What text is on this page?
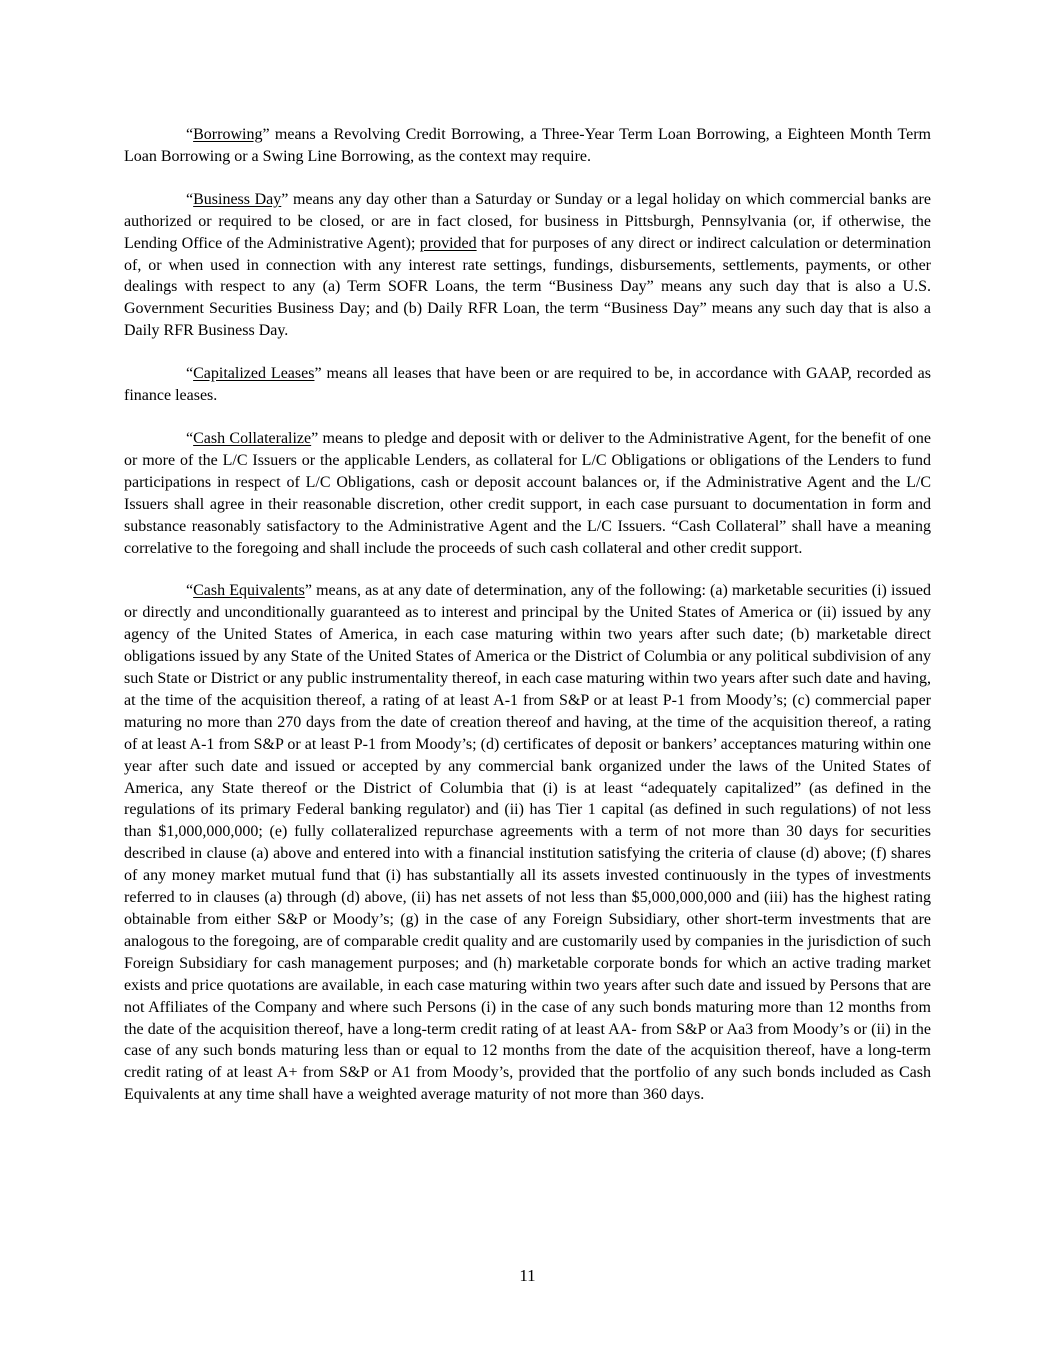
“Borrowing” means a Revolving Credit Borrowing, a Three-Year Term Loan Borrowing, a Eighteen Month Term Loan Borrowing or a Swing Line Borrowing, as the context may require.

“Business Day” means any day other than a Saturday or Sunday or a legal holiday on which commercial banks are authorized or required to be closed, or are in fact closed, for business in Pittsburgh, Pennsylvania (or, if otherwise, the Lending Office of the Administrative Agent); provided that for purposes of any direct or indirect calculation or determination of, or when used in connection with any interest rate settings, fundings, disbursements, settlements, payments, or other dealings with respect to any (a) Term SOFR Loans, the term “Business Day” means any such day that is also a U.S. Government Securities Business Day; and (b) Daily RFR Loan, the term “Business Day” means any such day that is also a Daily RFR Business Day.

“Capitalized Leases” means all leases that have been or are required to be, in accordance with GAAP, recorded as finance leases.

“Cash Collateralize” means to pledge and deposit with or deliver to the Administrative Agent, for the benefit of one or more of the L/C Issuers or the applicable Lenders, as collateral for L/C Obligations or obligations of the Lenders to fund participations in respect of L/C Obligations, cash or deposit account balances or, if the Administrative Agent and the L/C Issuers shall agree in their reasonable discretion, other credit support, in each case pursuant to documentation in form and substance reasonably satisfactory to the Administrative Agent and the L/C Issuers. “Cash Collateral” shall have a meaning correlative to the foregoing and shall include the proceeds of such cash collateral and other credit support.

“Cash Equivalents” means, as at any date of determination, any of the following: (a) marketable securities (i) issued or directly and unconditionally guaranteed as to interest and principal by the United States of America or (ii) issued by any agency of the United States of America, in each case maturing within two years after such date; (b) marketable direct obligations issued by any State of the United States of America or the District of Columbia or any political subdivision of any such State or District or any public instrumentality thereof, in each case maturing within two years after such date and having, at the time of the acquisition thereof, a rating of at least A-1 from S&P or at least P-1 from Moody’s; (c) commercial paper maturing no more than 270 days from the date of creation thereof and having, at the time of the acquisition thereof, a rating of at least A-1 from S&P or at least P-1 from Moody’s; (d) certificates of deposit or bankers’ acceptances maturing within one year after such date and issued or accepted by any commercial bank organized under the laws of the United States of America, any State thereof or the District of Columbia that (i) is at least “adequately capitalized” (as defined in the regulations of its primary Federal banking regulator) and (ii) has Tier 1 capital (as defined in such regulations) of not less than $1,000,000,000; (e) fully collateralized repurchase agreements with a term of not more than 30 days for securities described in clause (a) above and entered into with a financial institution satisfying the criteria of clause (d) above; (f) shares of any money market mutual fund that (i) has substantially all its assets invested continuously in the types of investments referred to in clauses (a) through (d) above, (ii) has net assets of not less than $5,000,000,000 and (iii) has the highest rating obtainable from either S&P or Moody’s; (g) in the case of any Foreign Subsidiary, other short-term investments that are analogous to the foregoing, are of comparable credit quality and are customarily used by companies in the jurisdiction of such Foreign Subsidiary for cash management purposes; and (h) marketable corporate bonds for which an active trading market exists and price quotations are available, in each case maturing within two years after such date and issued by Persons that are not Affiliates of the Company and where such Persons (i) in the case of any such bonds maturing more than 12 months from the date of the acquisition thereof, have a long-term credit rating of at least AA- from S&P or Aa3 from Moody’s or (ii) in the case of any such bonds maturing less than or equal to 12 months from the date of the acquisition thereof, have a long-term credit rating of at least A+ from S&P or A1 from Moody’s, provided that the portfolio of any such bonds included as Cash Equivalents at any time shall have a weighted average maturity of not more than 360 days.

11
